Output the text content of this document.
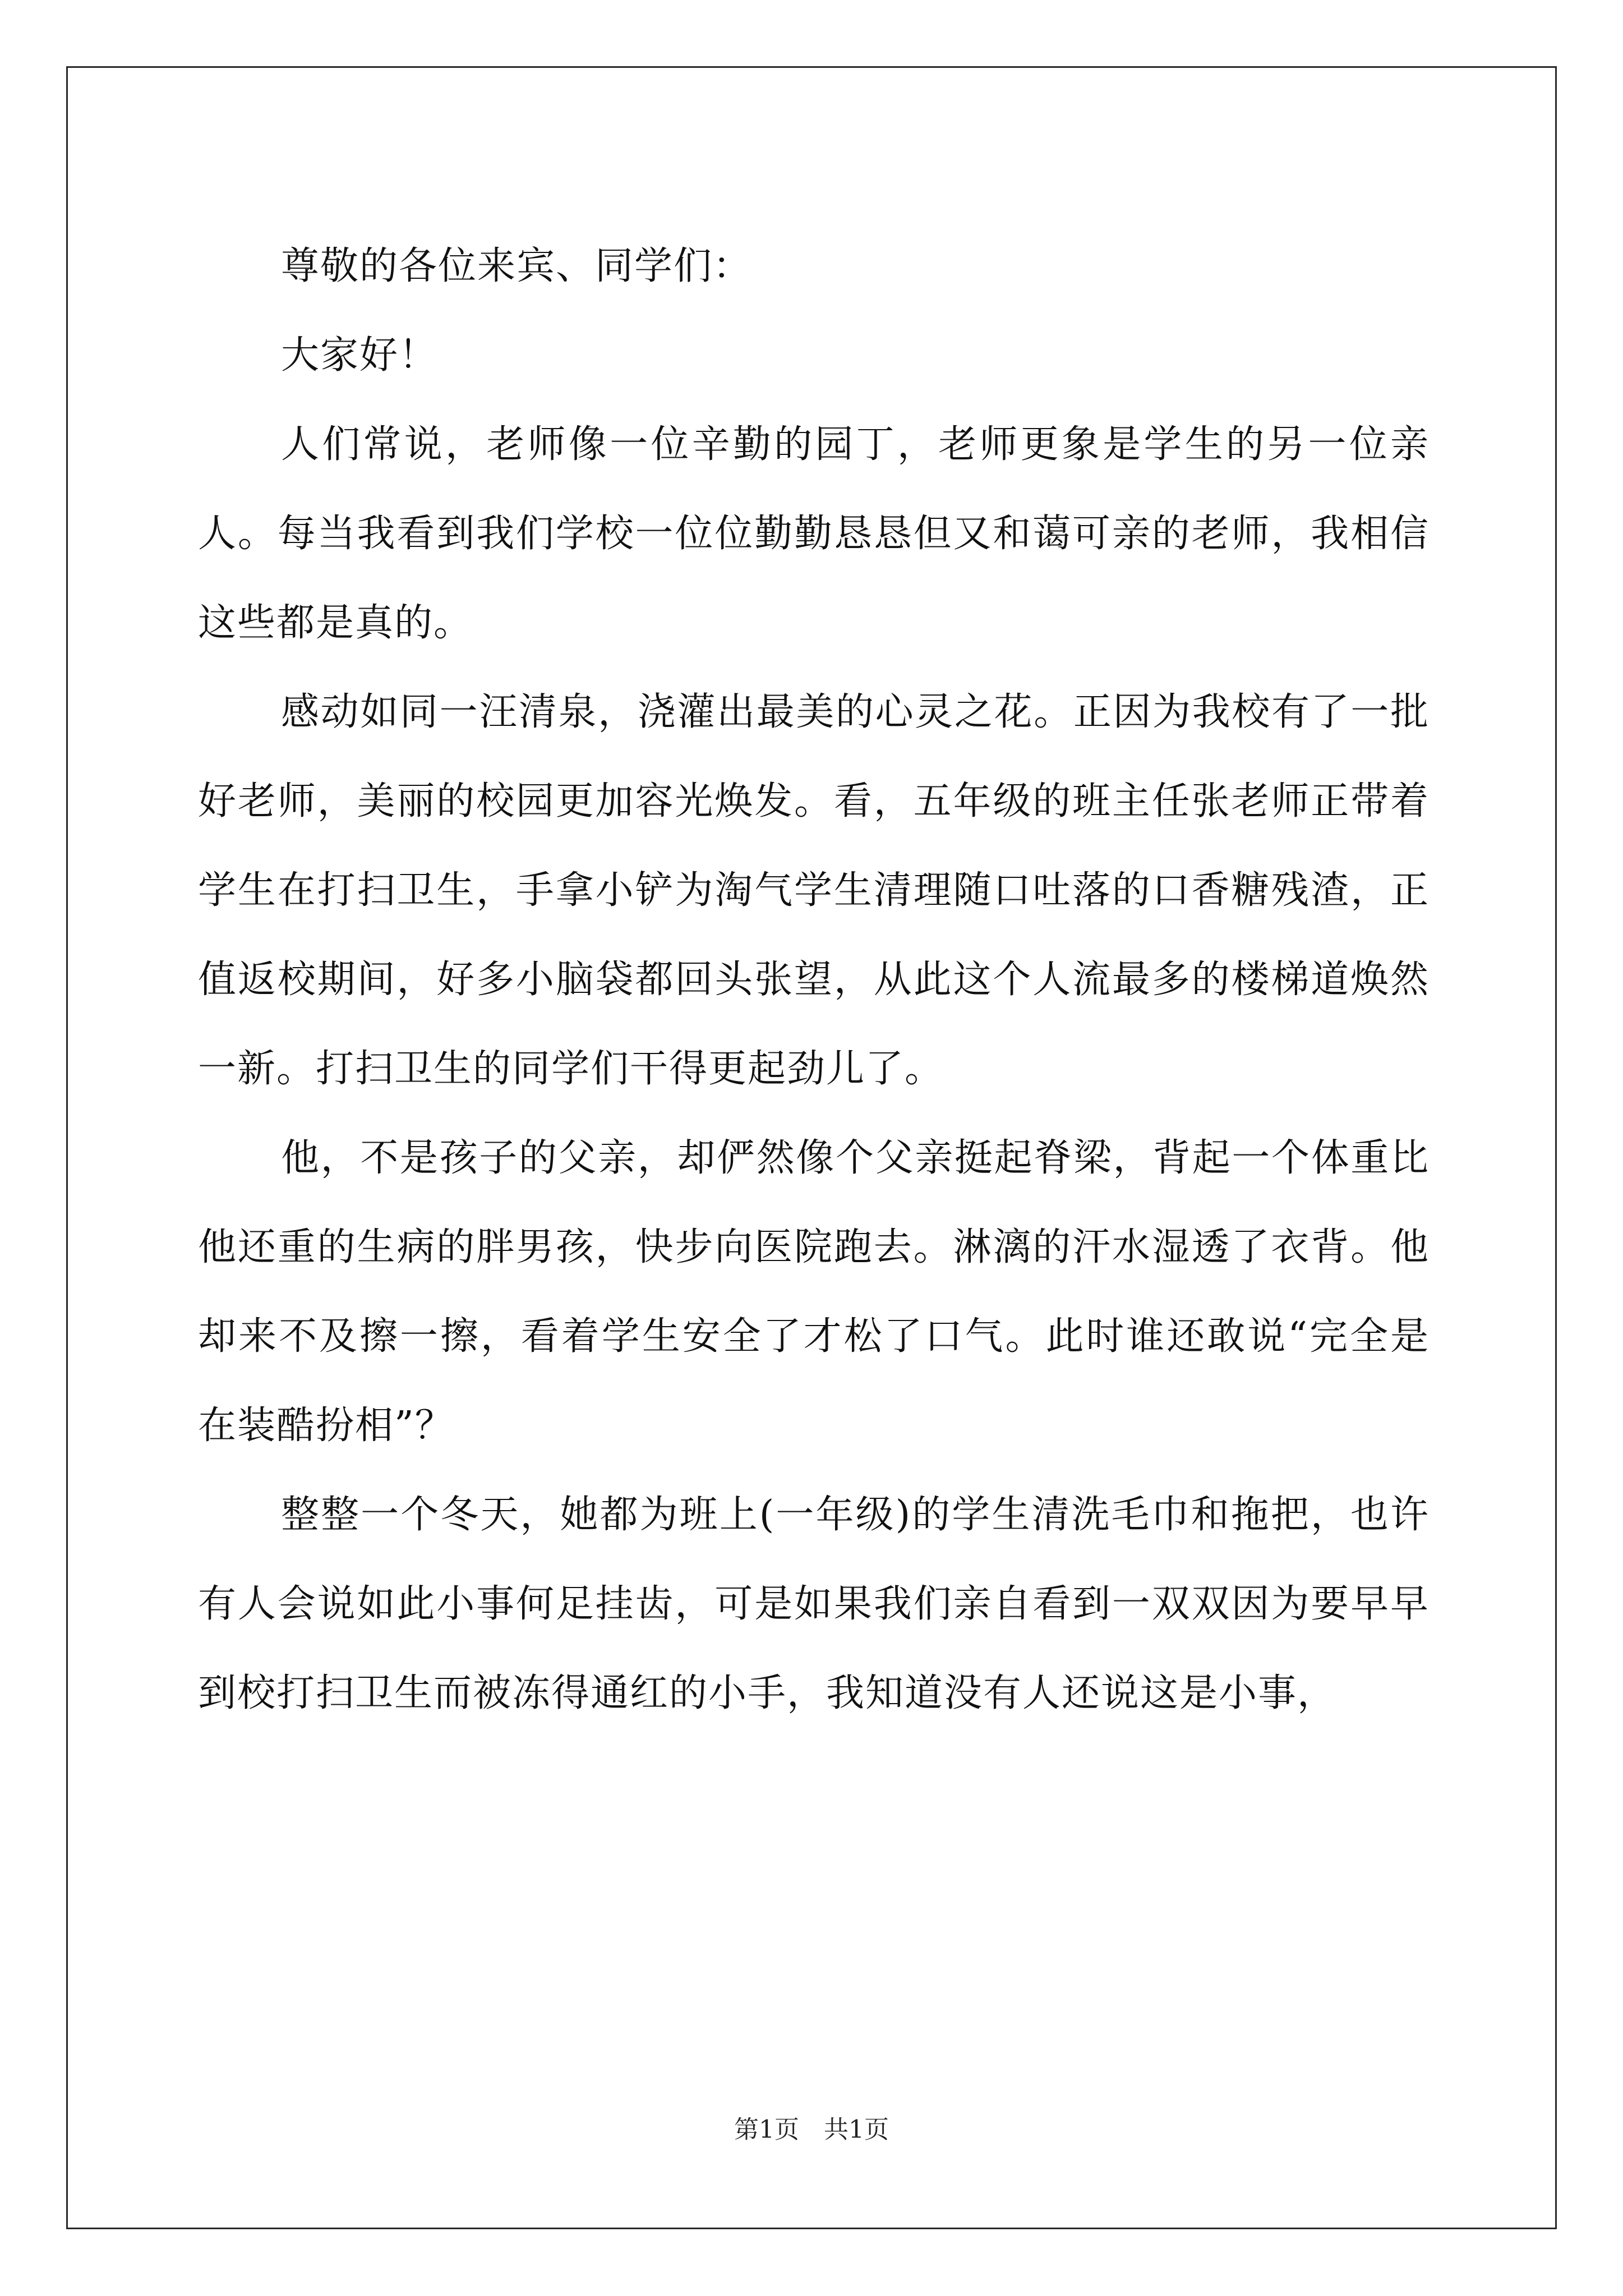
尊敬的各位来宾、同学们：

大家好！

人们常说，老师像一位辛勤的园丁，老师更象是学生的另一位亲人。每当我看到我们学校一位位勤勤恳恳但又和蔼可亲的老师，我相信这些都是真的。

感动如同一汪清泉，浇灌出最美的心灵之花。正因为我校有了一批好老师，美丽的校园更加容光焕发。看，五年级的班主任张老师正带着学生在打扫卫生，手拿小铲为淘气学生清理随口吐落的口香糖残渣，正值返校期间，好多小脑袋都回头张望，从此这个人流最多的楼梯道焕然一新。打扫卫生的同学们干得更起劲儿了。

他，不是孩子的父亲，却俨然像个父亲挺起脊梁，背起一个体重比他还重的生病的胖男孩，快步向医院跑去。淋漓的汗水湿透了衣背。他却来不及擦一擦，看着学生安全了才松了口气。此时谁还敢说“完全是在装酷扮相”？

整整一个冬天，她都为班上(一年级)的学生清洗毛巾和拖把，也许有人会说如此小事何足挂齿，可是如果我们亲自看到一双双因为要早早到校打扫卫生而被冻得通红的小手，我知道没有人还说这是小事，

第1页　共1页
